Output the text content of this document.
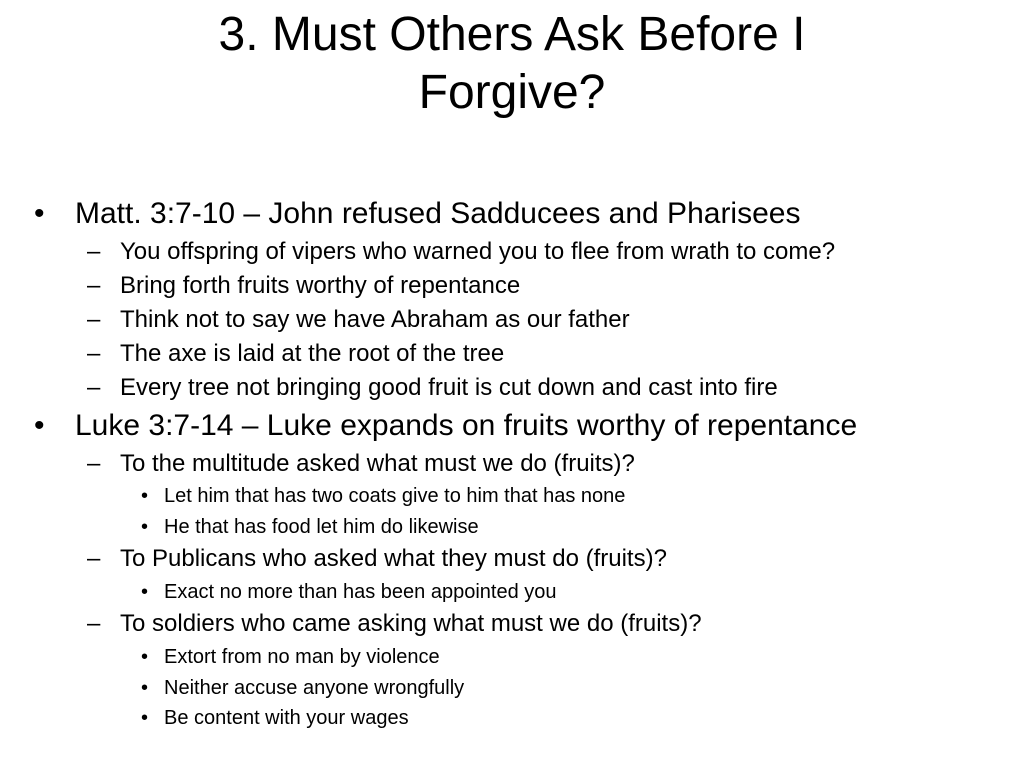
3. Must Others Ask Before I
Forgive?
• Matt. 3:7-10 – John refused Sadducees and Pharisees
– You offspring of vipers who warned you to flee from wrath to come?
– Bring forth fruits worthy of repentance
– Think not to say we have Abraham as our father
– The axe is laid at the root of the tree
– Every tree not bringing good fruit is cut down and cast into fire
• Luke 3:7-14 – Luke expands on fruits worthy of repentance
– To the multitude asked what must we do (fruits)?
• Let him that has two coats give to him that has none
• He that has food let him do likewise
– To Publicans who asked what they must do (fruits)?
• Exact no more than has been appointed you
– To soldiers who came asking what must we do (fruits)?
• Extort from no man by violence
• Neither accuse anyone wrongfully
• Be content with your wages
